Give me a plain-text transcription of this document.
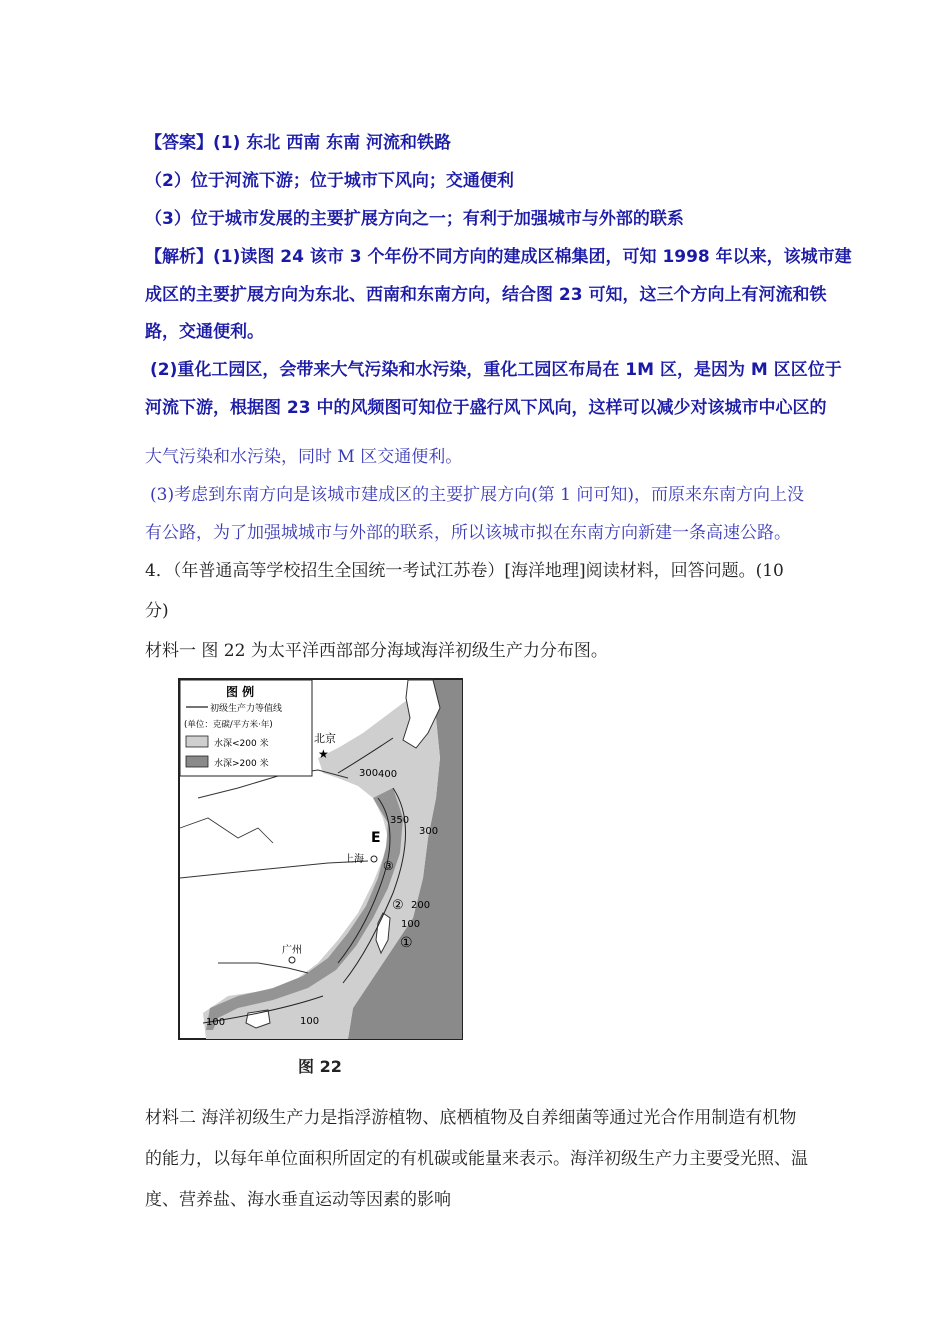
【答案】(1) 东北 西南 东南 河流和铁路
（2）位于河流下游；位于城市下风向；交通便利
（3）位于城市发展的主要扩展方向之一；有利于加强城市与外部的联系
【解析】(1)读图 24 该市 3 个年份不同方向的建成区棉集团，可知 1998 年以来，该城市建
成区的主要扩展方向为东北、西南和东南方向，结合图 23 可知，这三个方向上有河流和铁
路，交通便利。
(2)重化工园区，会带来大气污染和水污染，重化工园区布局在 1M 区，是因为 M 区区位于
河流下游，根据图 23 中的风频图可知位于盛行风下风向，这样可以减少对该城市中心区的
大气污染和水污染，同时 M 区交通便利。
(3)考虑到东南方向是该城市建成区的主要扩展方向(第 1 问可知)，而原来东南方向上没
有公路，为了加强城城市与外部的联系，所以该城市拟在东南方向新建一条高速公路。
4．（年普通高等学校招生全国统一考试江苏卷）[海洋地理]阅读材料，回答问题。(10
分)
材料一 图 22 为太平洋西部部分海域海洋初级生产力分布图。
图 例
初级生产力等值线
(单位：克碳/平方米·年)
水深<200 米
水深>200 米
北京
★
上海
广州
E
400
300
350
300
200
100
100	100
③
②
①
图 22
材料二 海洋初级生产力是指浮游植物、底栖植物及自养细菌等通过光合作用制造有机物
的能力，以每年单位面积所固定的有机碳或能量来表示。海洋初级生产力主要受光照、温
度、营养盐、海水垂直运动等因素的影响
